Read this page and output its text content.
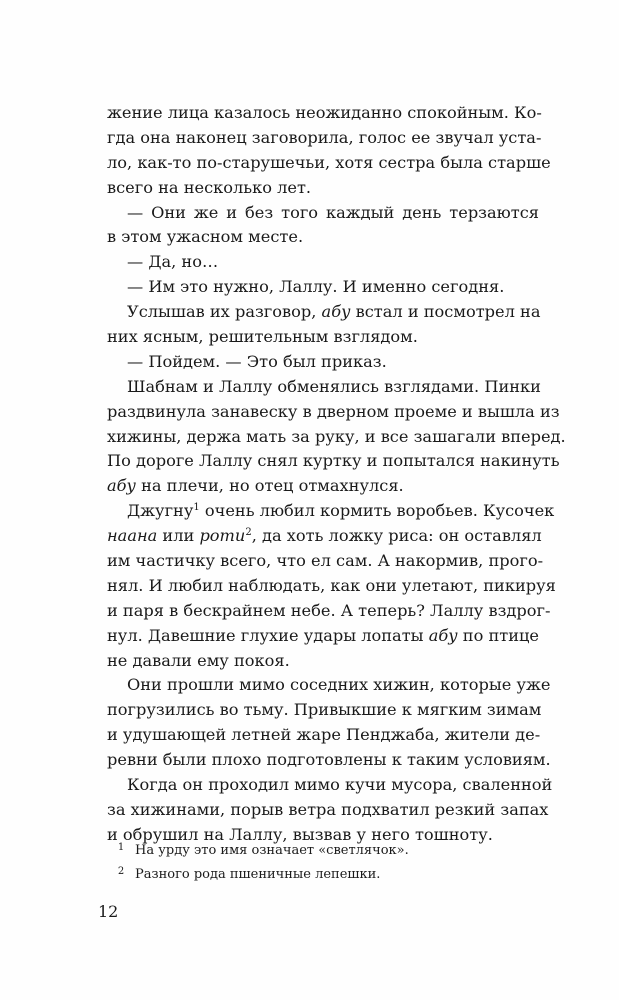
жение лица казалось неожиданно спокойным. Ко-
гда она наконец заговорила, голос ее звучал уста-
ло, как-то по-старушечьи, хотя сестра была старше
всего на несколько лет.
— Они же и без того каждый день терзаются
в этом ужасном месте.
— Да, но…
— Им это нужно, Лаллу. И именно сегодня.
Услышав их разговор, абу встал и посмотрел на
них ясным, решительным взглядом.
— Пойдем. — Это был приказ.
Шабнам и Лаллу обменялись взглядами. Пинки
раздвинула занавеску в дверном проеме и вышла из
хижины, держа мать за руку, и все зашагали вперед.
По дороге Лаллу снял куртку и попытался накинуть
абу на плечи, но отец отмахнулся.
Джугну$^1$ очень любил кормить воробьев. Кусочек
наана или роти$^2$, да хоть ложку риса: он оставлял
им частичку всего, что ел сам. А накормив, прого-
нял. И любил наблюдать, как они улетают, пикируя
и паря в бескрайнем небе. А теперь? Лаллу вздрог-
нул. Давешние глухие удары лопаты абу по птице
не давали ему покоя.
Они прошли мимо соседних хижин, которые уже
погрузились во тьму. Привыкшие к мягким зимам
и удушающей летней жаре Пенджаба, жители де-
ревни были плохо подготовлены к таким условиям.
Когда он проходил мимо кучи мусора, сваленной
за хижинами, порыв ветра подхватил резкий запах
и обрушил на Лаллу, вызвав у него тошноту.
1 На урду это имя означает «светлячок».
2 Разного рода пшеничные лепешки.
12
